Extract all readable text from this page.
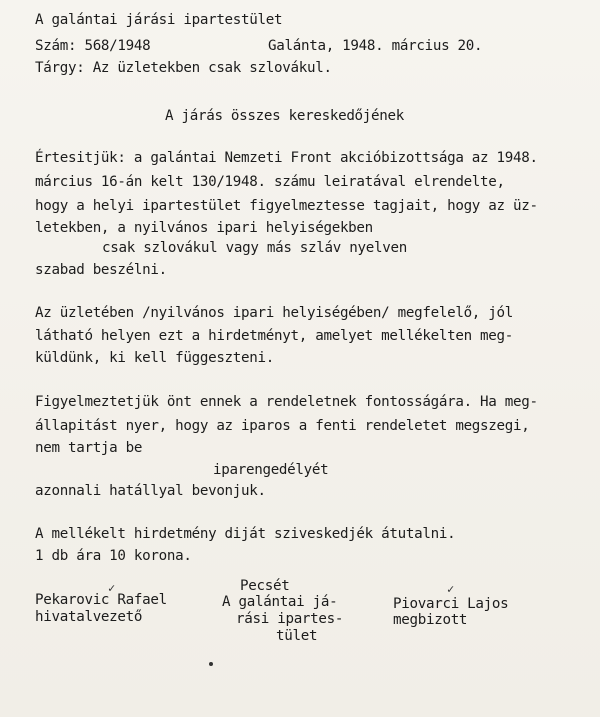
A galántai járási ipartestület
Szám: 568/1948	Galánta, 1948. március 20.
Tárgy: Az üzletekben csak szlovákul.
A járás összes kereskedőjének
Értesitjük: a galántai Nemzeti Front akcióbizottsága az 1948.
március 16-án kelt 130/1948. számu leiratával elrendelte,
hogy a helyi ipartestület figyelmeztesse tagjait, hogy az üz-
letekben, a nyilvános ipari helyiségekben
csak szlovákul vagy más szláv nyelven
szabad beszélni.
Az üzletében /nyilvános ipari helyiségében/ megfelelő, jól
látható helyen ezt a hirdetményt, amelyet mellékelten meg-
küldünk, ki kell függeszteni.
Figyelmeztetjük önt ennek a rendeletnek fontosságára. Ha meg-
állapitást nyer, hogy az iparos a fenti rendeletet megszegi,
nem tartja be
iparengedélyét
azonnali hatállyal bevonjuk.
A mellékelt hirdetmény diját sziveskedjék átutalni.
1 db ára 10 korona.
Pekarovic Rafael
hivatalvezető
Pecsét
A galántai já-
rási ipartes-
tület
Piovarci Lajos
megbizott
✓	✓
